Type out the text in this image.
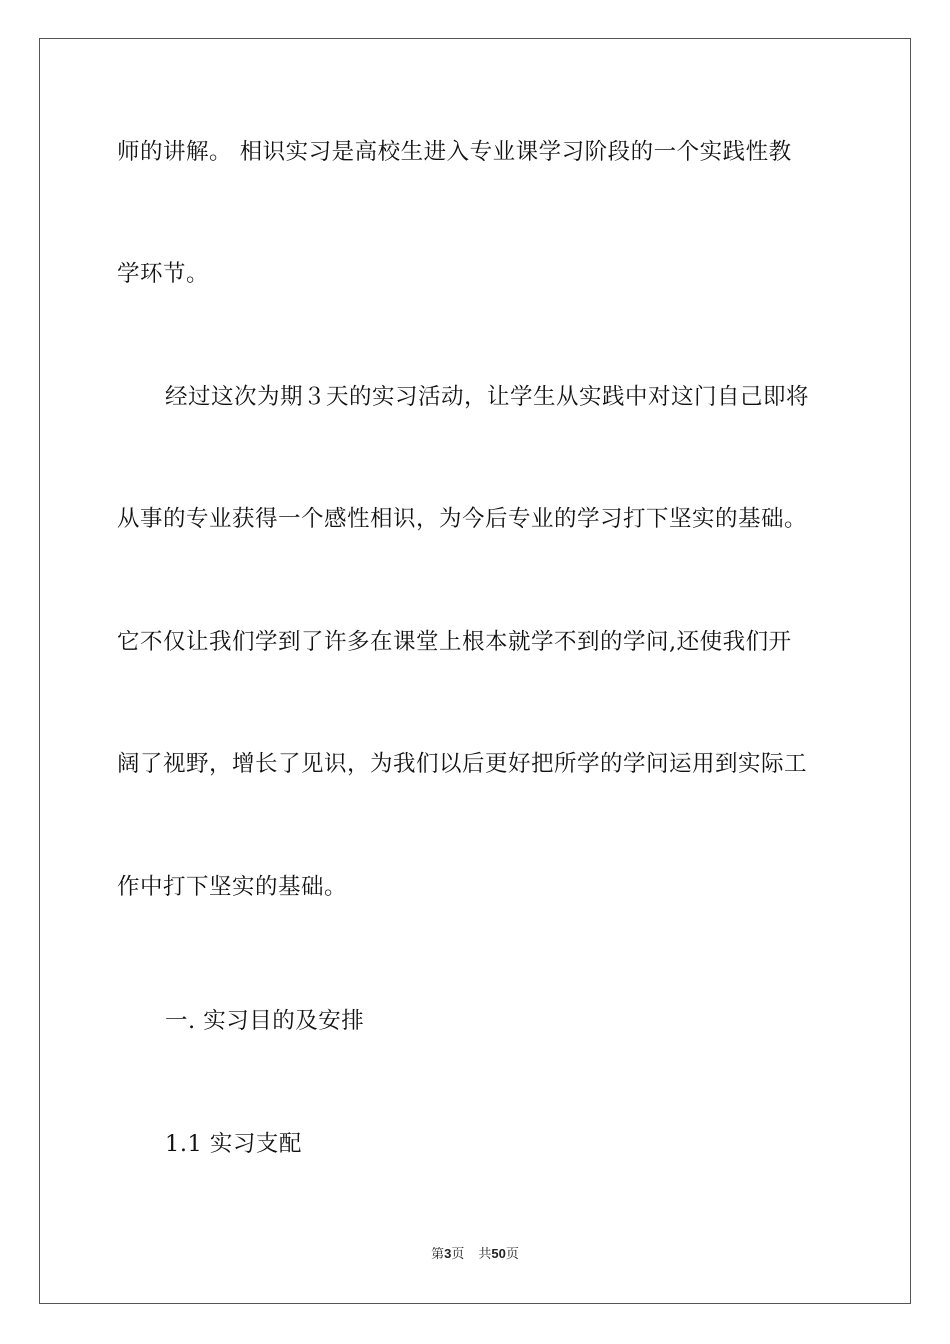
师的讲解。 相识实习是高校生进入专业课学习阶段的一个实践性教
学环节。
经过这次为期３天的实习活动，让学生从实践中对这门自己即将
从事的专业获得一个感性相识，为今后专业的学习打下坚实的基础。
它不仅让我们学到了许多在课堂上根本就学不到的学问,还使我们开
阔了视野，增长了见识，为我们以后更好把所学的学问运用到实际工
作中打下坚实的基础。
一. 实习目的及安排
1.1 实习支配
第3页 共50页
